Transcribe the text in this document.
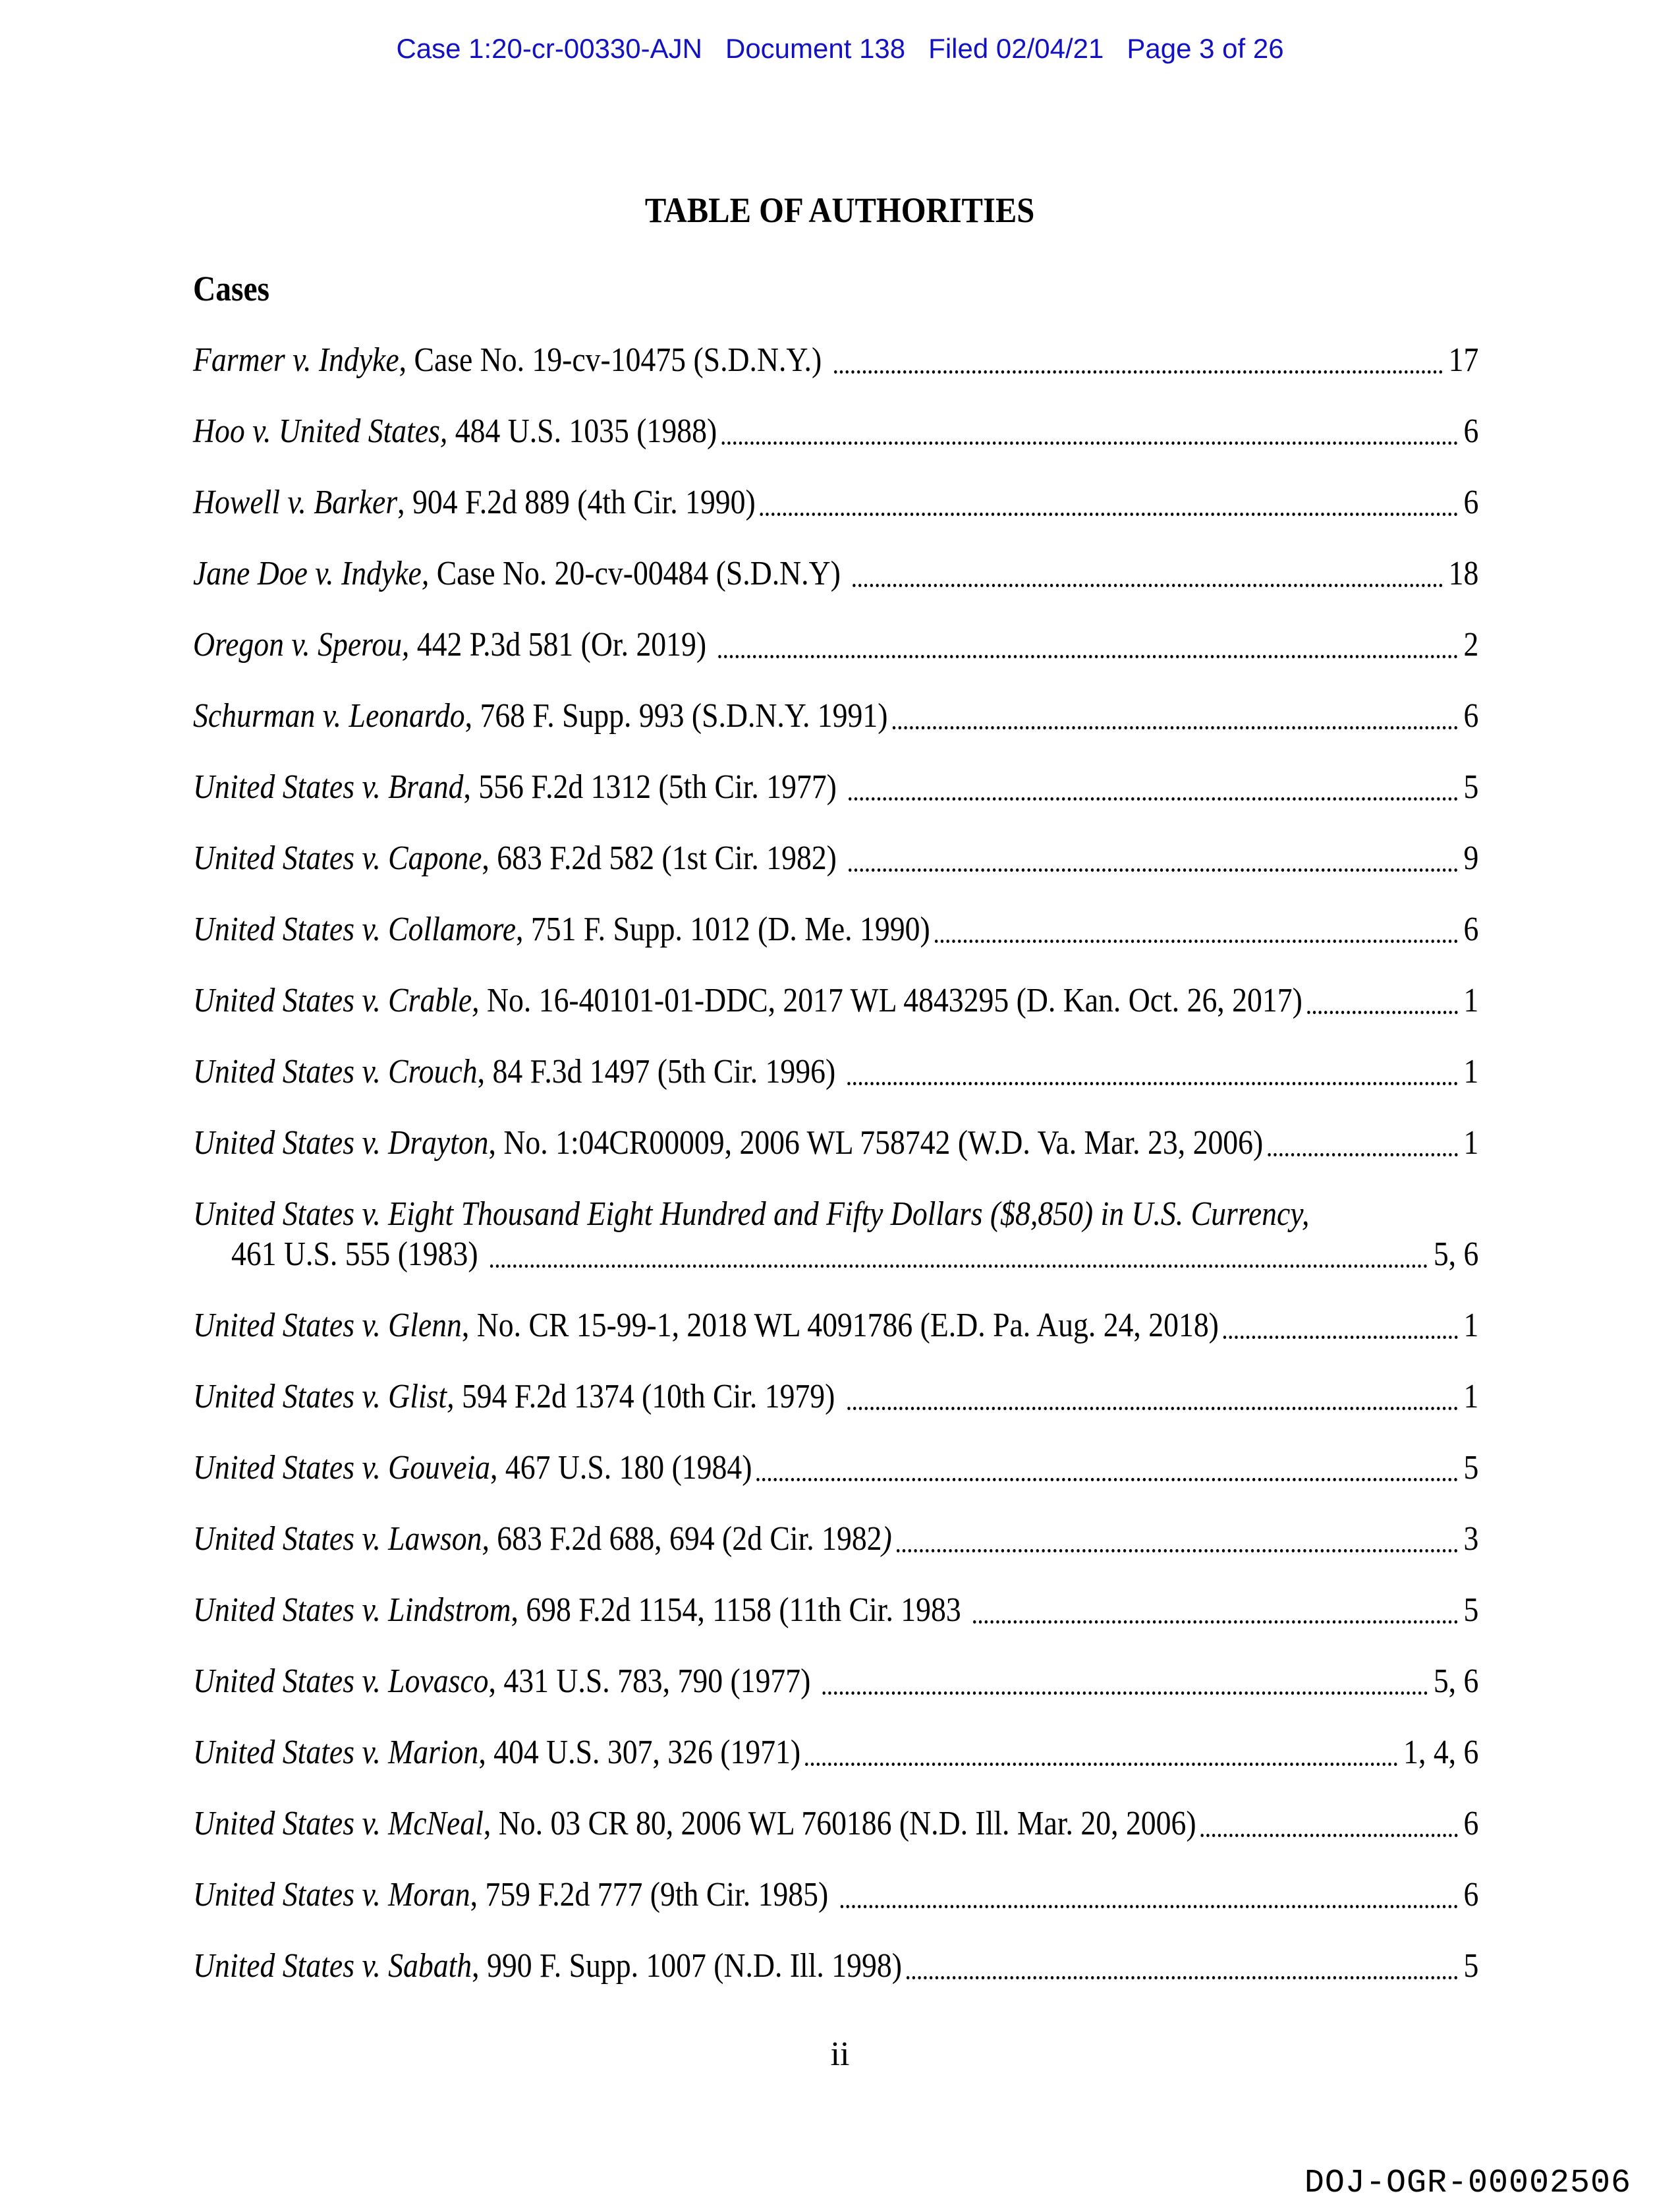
Case 1:20-cr-00330-AJN   Document 138   Filed 02/04/21   Page 3 of 26
TABLE OF AUTHORITIES
Cases

Farmer v. Indyke , Case No. 19-cv-10475 (S.D.N.Y.)	17

Hoo v. United States, 484 U.S. 1035 (1988)	6

Howell v. Barker , 904 F.2d 889 (4th Cir. 1990)	6

Jane Doe v. Indyke, Case No. 20-cv-00484 (S.D.N.Y)	18

Oregon v. Sperou, 442 P.3d 581 (Or. 2019)	2

Schurman v. Leonardo , 768 F. Supp. 993 (S.D.N.Y. 1991)	6

United States v. Brand , 556 F.2d 1312 (5th Cir. 1977)	5

United States v. Capone , 683 F.2d 582 (1st Cir. 1982)	9

United States v. Collamore , 751 F. Supp. 1012 (D. Me. 1990)	6

United States v. Crable, No. 16-40101-01-DDC, 2017 WL 4843295 (D. Kan. Oct. 26, 2017)	1

United States v. Crouch , 84 F.3d 1497 (5th Cir. 1996)	1

United States v. Drayton , No. 1:04CR00009, 2006 WL 758742 (W.D. Va. Mar. 23, 2006)	1

United States v. Eight Thousand Eight Hundred and Fifty Dollars ($8,850) in U.S. Currency,

461 U.S. 555 (1983)	5, 6

United States v. Glenn , No. CR 15-99-1, 2018 WL 4091786 (E.D. Pa. Aug. 24, 2018)	1

United States v. Glist, 594 F.2d 1374 (10th Cir. 1979)	1

United States v. Gouveia , 467 U.S. 180 (1984)	5

United States v. Lawson, 683 F.2d 688, 694 (2d Cir. 1982 )	3

United States v. Lindstrom , 698 F.2d 1154, 1158 (11th Cir. 1983	5

United States v. Lovasco , 431 U.S. 783, 790 (1977)	5, 6

United States v. Marion , 404 U.S. 307, 326 (1971)	1, 4, 6

United States v. McNeal , No. 03 CR 80, 2006 WL 760186 (N.D. Ill. Mar. 20, 2006)	6

United States v. Moran , 759 F.2d 777 (9th Cir. 1985)	6

United States v. Sabath , 990 F. Supp. 1007 (N.D. Ill. 1998)	5

ii
DOJ-OGR-00002506
